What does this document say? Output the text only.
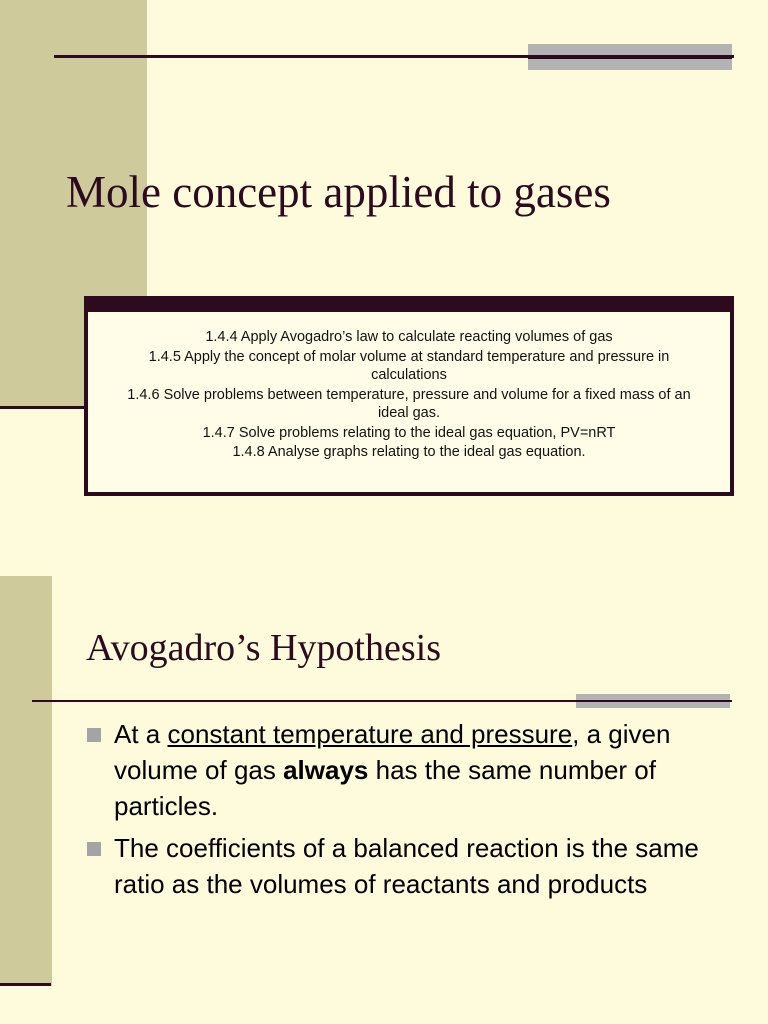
Mole concept applied to gases
1.4.4 Apply Avogadro’s law to calculate reacting volumes of gas
1.4.5 Apply the concept of molar volume at standard temperature and pressure in calculations
1.4.6 Solve problems between temperature, pressure and volume for a fixed mass of an ideal gas.
1.4.7 Solve problems relating to the ideal gas equation, PV=nRT
1.4.8 Analyse graphs relating to the ideal gas equation.
Avogadro’s Hypothesis
At a constant temperature and pressure, a given volume of gas always has the same number of particles.
The coefficients of a balanced reaction is the same ratio as the volumes of reactants and products
